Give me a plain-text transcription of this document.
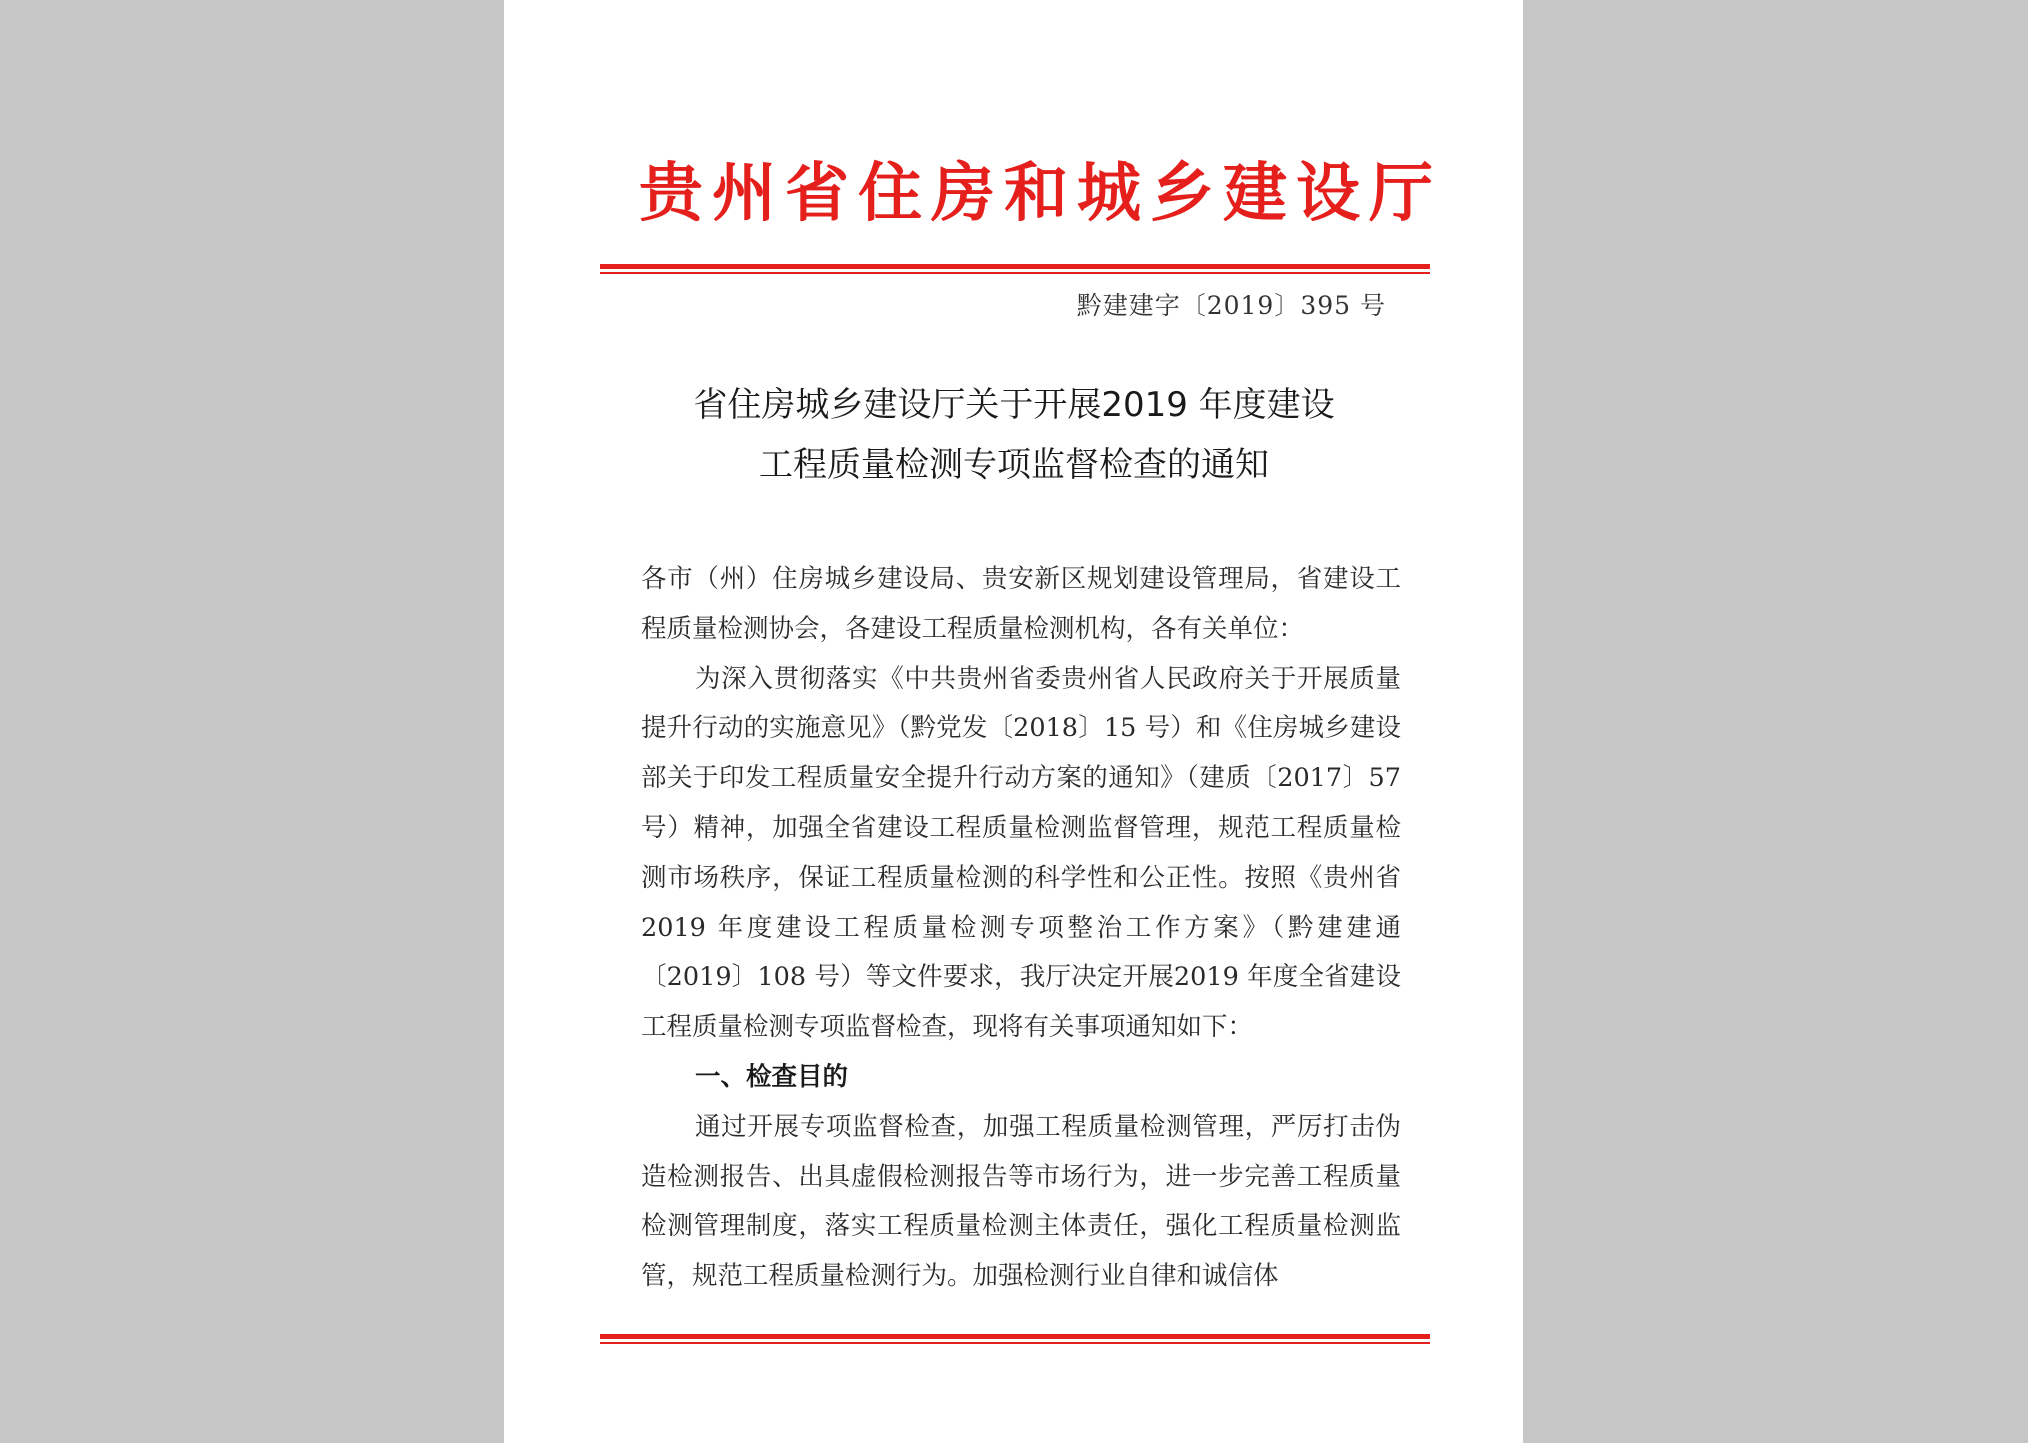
贵州省住房和城乡建设厅
黔建建字〔2019〕395 号
省住房城乡建设厅关于开展2019 年度建设
工程质量检测专项监督检查的通知

各市（州）住房城乡建设局、贵安新区规划建设管理局，省建设工程质量检测协会，各建设工程质量检测机构，各有关单位：

为深入贯彻落实《中共贵州省委贵州省人民政府关于开展质量提升行动的实施意见》（黔党发〔2018〕15 号）和《住房城乡建设部关于印发工程质量安全提升行动方案的通知》（建质〔2017〕57 号）精神，加强全省建设工程质量检测监督管理，规范工程质量检测市场秩序，保证工程质量检测的科学性和公正性。按照《贵州省2019 年度建设工程质量检测专项整治工作方案》（黔建建通〔2019〕108 号）等文件要求，我厅决定开展2019 年度全省建设工程质量检测专项监督检查，现将有关事项通知如下：

一、检查目的

通过开展专项监督检查，加强工程质量检测管理，严厉打击伪造检测报告、出具虚假检测报告等市场行为，进一步完善工程质量检测管理制度，落实工程质量检测主体责任，强化工程质量检测监管，规范工程质量检测行为。加强检测行业自律和诚信体
